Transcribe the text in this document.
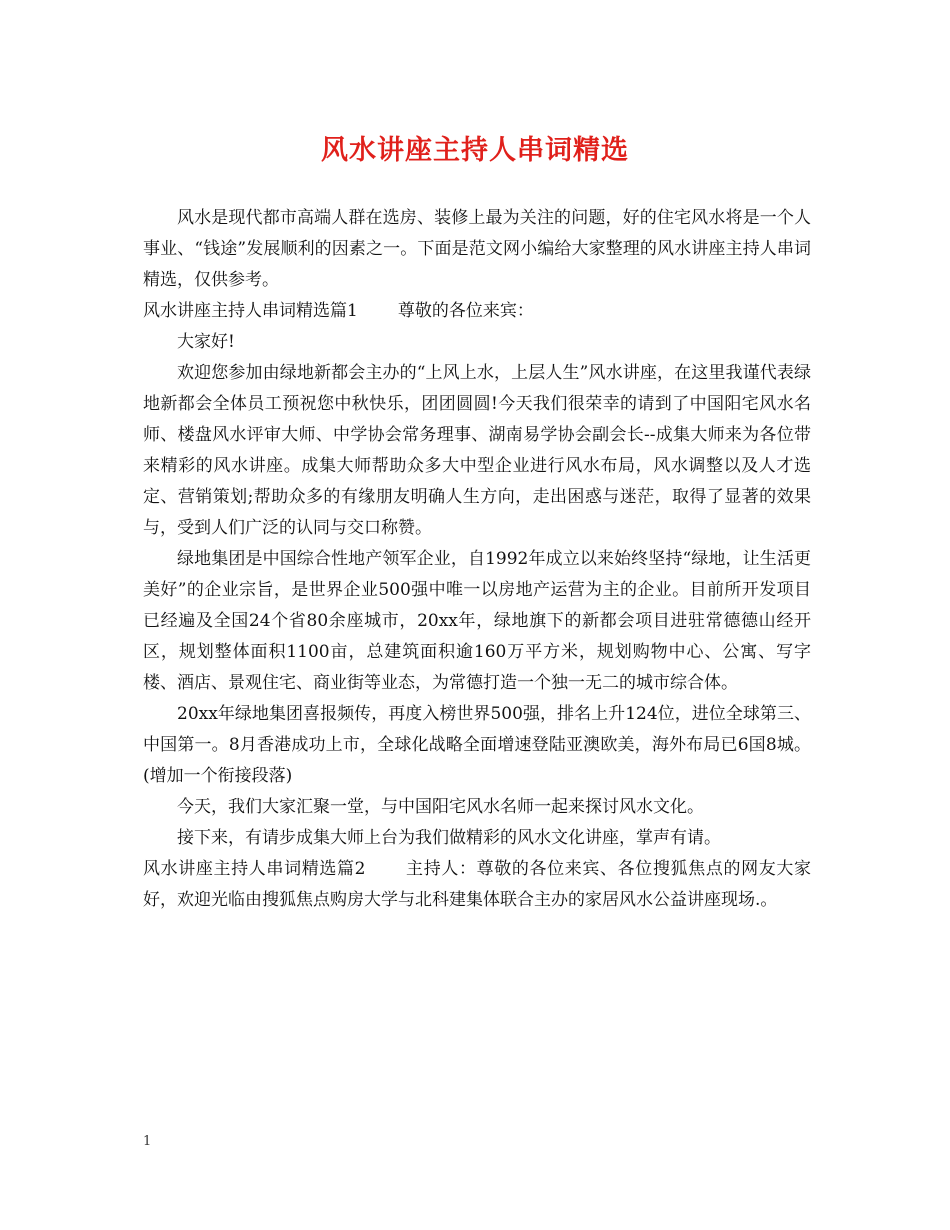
风水讲座主持人串词精选

风水是现代都市高端人群在选房、装修上最为关注的问题，好的住宅风水将是一个人事业、“钱途”发展顺利的因素之一。下面是范文网小编给大家整理的风水讲座主持人串词精选，仅供参考。

风水讲座主持人串词精选篇1 尊敬的各位来宾：

大家好!

欢迎您参加由绿地新都会主办的“上风上水，上层人生”风水讲座，在这里我谨代表绿地新都会全体员工预祝您中秋快乐，团团圆圆!今天我们很荣幸的请到了中国阳宅风水名师、楼盘风水评审大师、中学协会常务理事、湖南易学协会副会长--成集大师来为各位带来精彩的风水讲座。成集大师帮助众多大中型企业进行风水布局，风水调整以及人才选定、营销策划;帮助众多的有缘朋友明确人生方向，走出困惑与迷茫，取得了显著的效果与，受到人们广泛的认同与交口称赞。

绿地集团是中国综合性地产领军企业，自1992年成立以来始终坚持“绿地，让生活更美好”的企业宗旨，是世界企业500强中唯一以房地产运营为主的企业。目前所开发项目已经遍及全国24个省80余座城市，20xx年，绿地旗下的新都会项目进驻常德德山经开区，规划整体面积1100亩，总建筑面积逾160万平方米，规划购物中心、公寓、写字楼、酒店、景观住宅、商业街等业态，为常德打造一个独一无二的城市综合体。

20xx年绿地集团喜报频传，再度入榜世界500强，排名上升124位，进位全球第三、中国第一。8月香港成功上市，全球化战略全面增速登陆亚澳欧美，海外布局已6国8城。(增加一个衔接段落)

今天，我们大家汇聚一堂，与中国阳宅风水名师一起来探讨风水文化。

接下来，有请步成集大师上台为我们做精彩的风水文化讲座，掌声有请。

风水讲座主持人串词精选篇2 主持人：尊敬的各位来宾、各位搜狐焦点的网友大家好，欢迎光临由搜狐焦点购房大学与北科建集体联合主办的家居风水公益讲座现场.。

1
